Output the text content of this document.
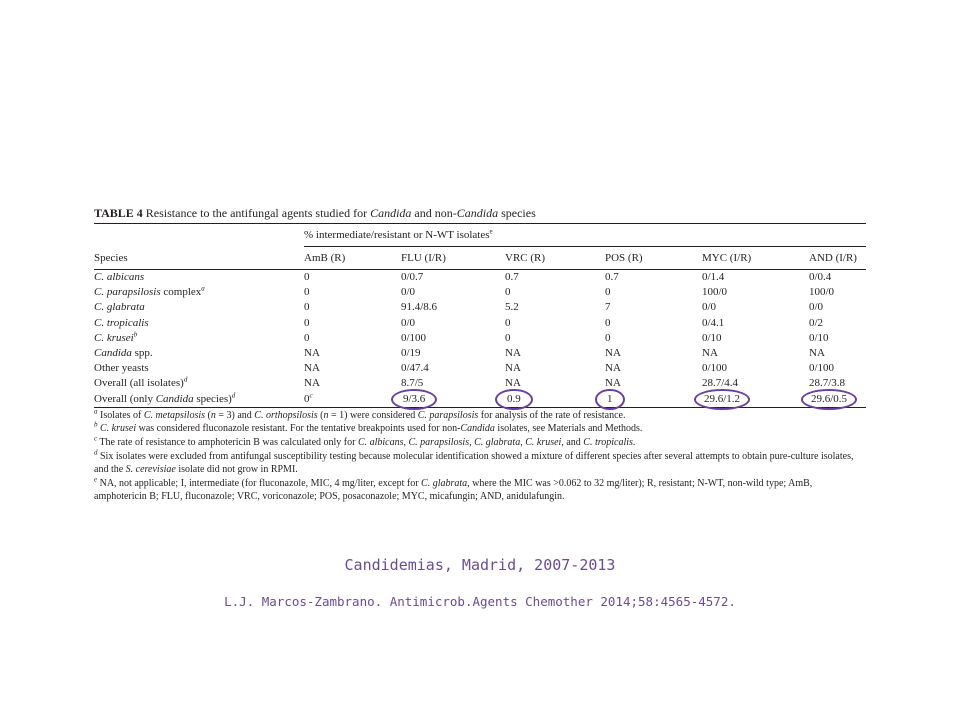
TABLE 4 Resistance to the antifungal agents studied for Candida and non-Candida species
	% intermediate/resistant or N-WT isolates$^e$
Species	AmB (R)	FLU (I/R)	VRC (R)	POS (R)	MYC (I/R)	AND (I/R)
C. albicans	0	0/0.7	0.7	0.7	0/1.4	0/0.4
C. parapsilosis complex$^a$	0	0/0	0	0	100/0	100/0
C. glabrata	0	91.4/8.6	5.2	7	0/0	0/0
C. tropicalis	0	0/0	0	0	0/4.1	0/2
C. krusei$^b$	0	0/100	0	0	0/10	0/10
Candida spp.	NA	0/19	NA	NA	NA	NA
Other yeasts	NA	0/47.4	NA	NA	0/100	0/100
Overall (all isolates)$^d$	NA	8.7/5	NA	NA	28.7/4.4	28.7/3.8
Overall (only Candida species)$^d$	0$^c$	9/3.6	0.9	1	29.6/1.2	29.6/0.5

$^a$ Isolates of C. metapsilosis (n = 3) and C. orthopsilosis (n = 1) were considered C. parapsilosis for analysis of the rate of resistance.

$^b$ C. krusei was considered fluconazole resistant. For the tentative breakpoints used for non-Candida isolates, see Materials and Methods.

$^c$ The rate of resistance to amphotericin B was calculated only for C. albicans, C. parapsilosis, C. glabrata, C. krusei, and C. tropicalis.

$^d$ Six isolates were excluded from antifungal susceptibility testing because molecular identification showed a mixture of different species after several attempts to obtain pure-culture isolates, and the S. cerevisiae isolate did not grow in RPMI.

$^e$ NA, not applicable; I, intermediate (for fluconazole, MIC, 4 mg/liter, except for C. glabrata, where the MIC was >0.062 to 32 mg/liter); R, resistant; N-WT, non-wild type; AmB, amphotericin B; FLU, fluconazole; VRC, voriconazole; POS, posaconazole; MYC, micafungin; AND, anidulafungin.

Candidemias, Madrid, 2007-2013
L.J. Marcos-Zambrano. Antimicrob.Agents Chemother 2014;58:4565-4572.
